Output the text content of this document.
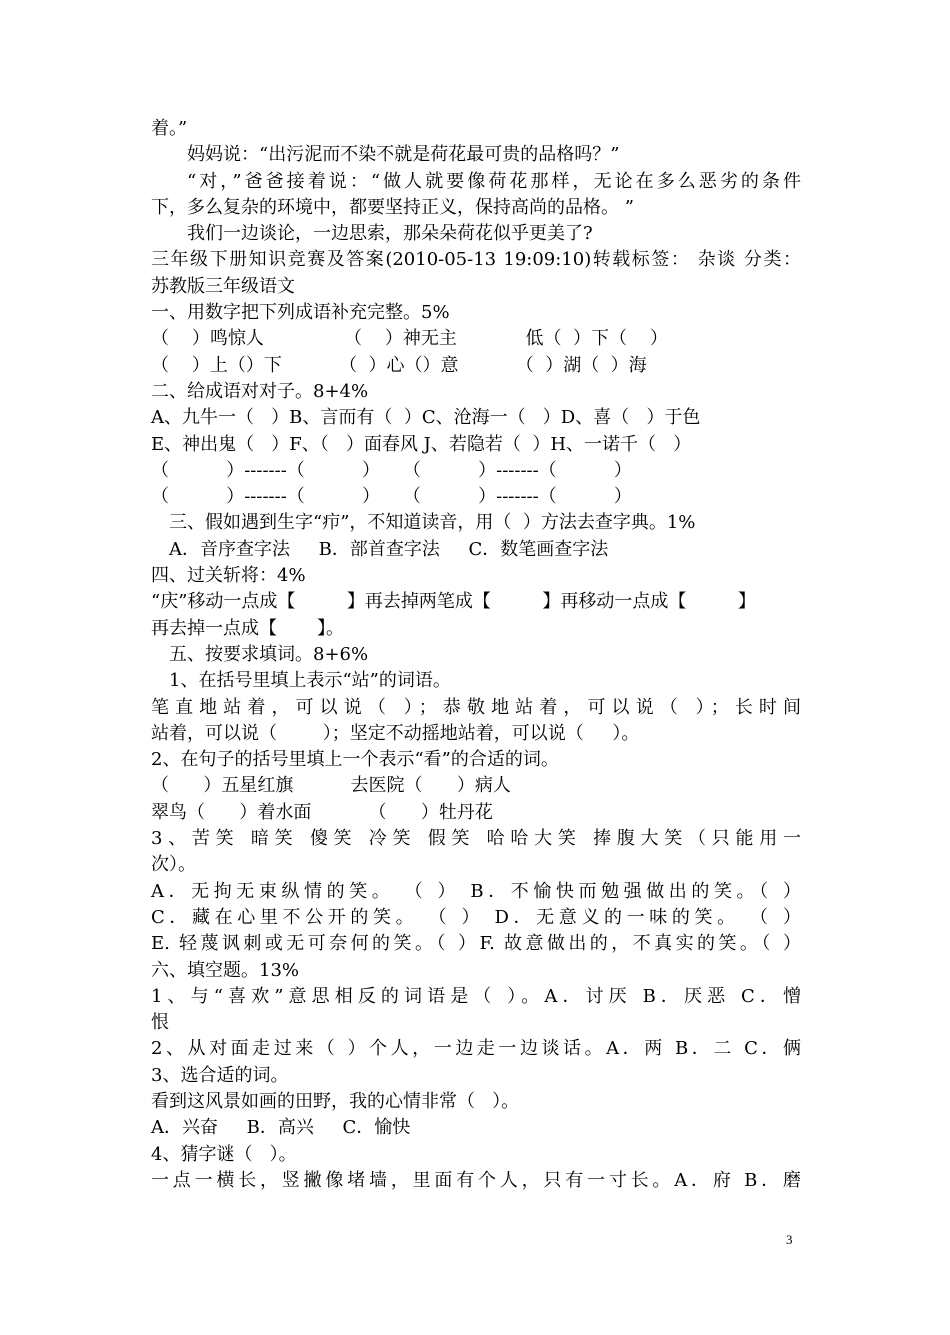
着。”
妈妈说：“出污泥而不染不就是荷花最可贵的品格吗？”
“对，”爸爸接着说：“做人就要像荷花那样，无论在多么恶劣的条件
下，多么复杂的环境中，都要坚持正义，保持高尚的品格。 ”
我们一边谈论，一边思索，那朵朵荷花似乎更美了?
三年级下册知识竞赛及答案(2010-05-13 19:09:10)转载标签： 杂谈 分类：
苏教版三年级语文
一、用数字把下列成语补充完整。5%
（    ）鸣惊人              （    ）神无主            低（  ）下（    ）
（    ）上（）下          （  ）心（）意          （  ）湖（  ）海
二、给成语对对子。8+4%
A、九牛一（   ）B、言而有（  ）C、沧海一（   ）D、喜（   ）于色
E、神出鬼（   ）F、（   ）面春风 J、若隐若（  ）H、一诺千（   ）
（          ）-------（          ）    （          ）-------（          ）
（          ）-------（          ）    （          ）-------（          ）
三、假如遇到生字“疖”，不知道读音，用（  ）方法去查字典。1%
A．音序查字法     B．部首查字法     C．数笔画查字法
四、过关斩将：4%
“庆”移动一点成【         】再去掉两笔成【         】再移动一点成【         】
再去掉一点成【       】。
五、按要求填词。8+6%
1、在括号里填上表示“站”的词语。
笔直地站着，可以说（ ）；恭敬地站着，可以说（ ）；长时间
站着，可以说（        ）；坚定不动摇地站着，可以说（     ）。
2、在句子的括号里填上一个表示“看”的合适的词。
（      ）五星红旗          去医院（      ）病人
翠鸟（      ）着水面          （      ）牡丹花
3、苦笑 暗笑 傻笑 冷笑 假笑 哈哈大笑 捧腹大笑（只能用一
次）。
A．无拘无束纵情的笑。 （ ） B．不愉快而勉强做出的笑。（ ）
C．藏在心里不公开的笑。 （ ） D．无意义的一味的笑。 （ ）
E. 轻蔑讽刺或无可奈何的笑。（ ）F. 故意做出的，不真实的笑。（ ）
六、填空题。13%
1、与“喜欢”意思相反的词语是（ ）。A．讨厌 B．厌恶 C．憎
恨
2、从对面走过来（ ）个人，一边走一边谈话。A．两 B．二 C．俩
3、选合适的词。
看到这风景如画的田野，我的心情非常（   ）。
A．兴奋     B．高兴     C．愉快
4、猜字谜（   ）。
一点一横长，竖撇像堵墙，里面有个人，只有一寸长。A．府 B．磨
3
